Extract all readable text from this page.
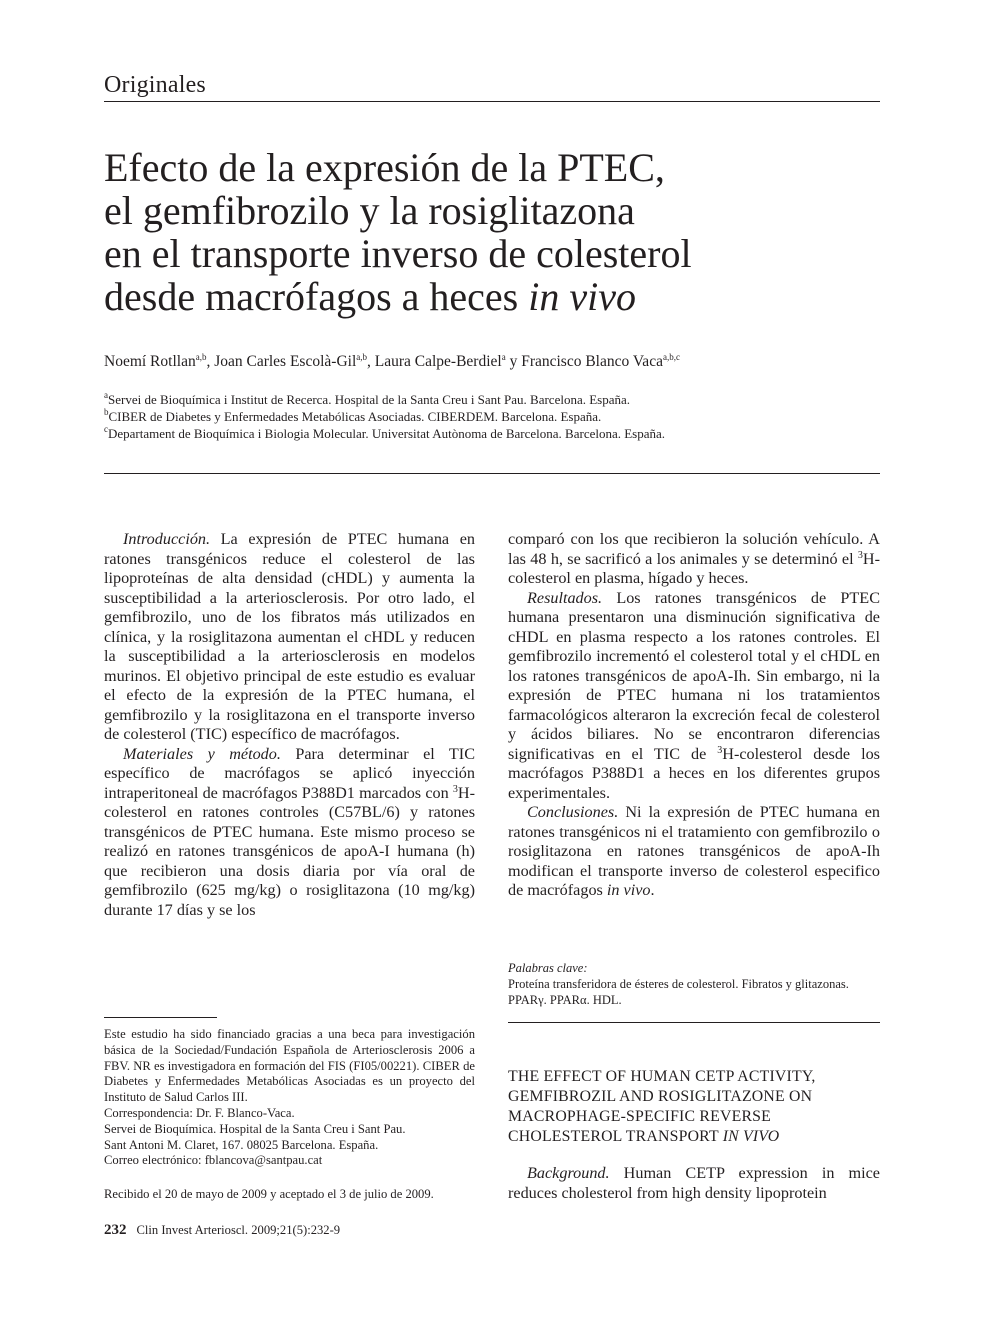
Originales
Efecto de la expresión de la PTEC,
el gemfibrozilo y la rosiglitazona
en el transporte inverso de colesterol
desde macrófagos a heces in vivo
Noemí Rotllan$^{a,b}$, Joan Carles Escolà-Gil$^{a,b}$, Laura Calpe-Berdiel$^a$ y Francisco Blanco Vaca$^{a,b,c}$
$^a$Servei de Bioquímica i Institut de Recerca. Hospital de la Santa Creu i Sant Pau. Barcelona. España.
$^b$CIBER de Diabetes y Enfermedades Metabólicas Asociadas. CIBERDEM. Barcelona. España.
$^c$Departament de Bioquímica i Biologia Molecular. Universitat Autònoma de Barcelona. Barcelona. España.

Introducción. La expresión de PTEC humana en ratones transgénicos reduce el colesterol de las lipoproteínas de alta densidad (cHDL) y aumenta la susceptibilidad a la arteriosclerosis. Por otro lado, el gemfibrozilo, uno de los fibratos más utilizados en clínica, y la rosiglitazona aumentan el cHDL y reducen la susceptibilidad a la arteriosclerosis en modelos murinos. El objetivo principal de este estudio es evaluar el efecto de la expresión de la PTEC humana, el gemfibrozilo y la rosiglitazona en el transporte inverso de colesterol (TIC) específico de macrófagos.

Materiales y método. Para determinar el TIC específico de macrófagos se aplicó inyección intraperitoneal de macrófagos P388D1 marcados con $^3$H-colesterol en ratones controles (C57BL/6) y ratones transgénicos de PTEC humana. Este mismo proceso se realizó en ratones transgénicos de apoA-I humana (h) que recibieron una dosis diaria por vía oral de gemfibrozilo (625 mg/kg) o rosiglitazona (10 mg/kg) durante 17 días y se los

comparó con los que recibieron la solución vehículo. A las 48 h, se sacrificó a los animales y se determinó el $^3$H-colesterol en plasma, hígado y heces.

Resultados. Los ratones transgénicos de PTEC humana presentaron una disminución significativa de cHDL en plasma respecto a los ratones controles. El gemfibrozilo incrementó el colesterol total y el cHDL en los ratones transgénicos de apoA-Ih. Sin embargo, ni la expresión de PTEC humana ni los tratamientos farmacológicos alteraron la excreción fecal de colesterol y ácidos biliares. No se encontraron diferencias significativas en el TIC de $^3$H-colesterol desde los macrófagos P388D1 a heces en los diferentes grupos experimentales.

Conclusiones. Ni la expresión de PTEC humana en ratones transgénicos ni el tratamiento con gemfibrozilo o rosiglitazona en ratones transgénicos de apoA-Ih modifican el transporte inverso de colesterol especifico de macrófagos in vivo.

Palabras clave:
Proteína transferidora de ésteres de colesterol. Fibratos y glitazonas. PPARγ. PPARα. HDL.
THE EFFECT OF HUMAN CETP ACTIVITY,
GEMFIBROZIL AND ROSIGLITAZONE ON
MACROPHAGE-SPECIFIC REVERSE
CHOLESTEROL TRANSPORT IN VIVO

Background. Human CETP expression in mice reduces cholesterol from high density lipoprotein

Este estudio ha sido financiado gracias a una beca para investigación básica de la Sociedad/Fundación Española de Arteriosclerosis 2006 a FBV. NR es investigadora en formación del FIS (FI05/00221). CIBER de Diabetes y Enfermedades Metabólicas Asociadas es un proyecto del Instituto de Salud Carlos III.

Correspondencia: Dr. F. Blanco-Vaca.

Servei de Bioquímica. Hospital de la Santa Creu i Sant Pau.

Sant Antoni M. Claret, 167. 08025 Barcelona. España.

Correo electrónico: fblancova@santpau.cat

Recibido el 20 de mayo de 2009 y aceptado el 3 de julio de 2009.
232 Clin Invest Arterioscl. 2009;21(5):232-9
